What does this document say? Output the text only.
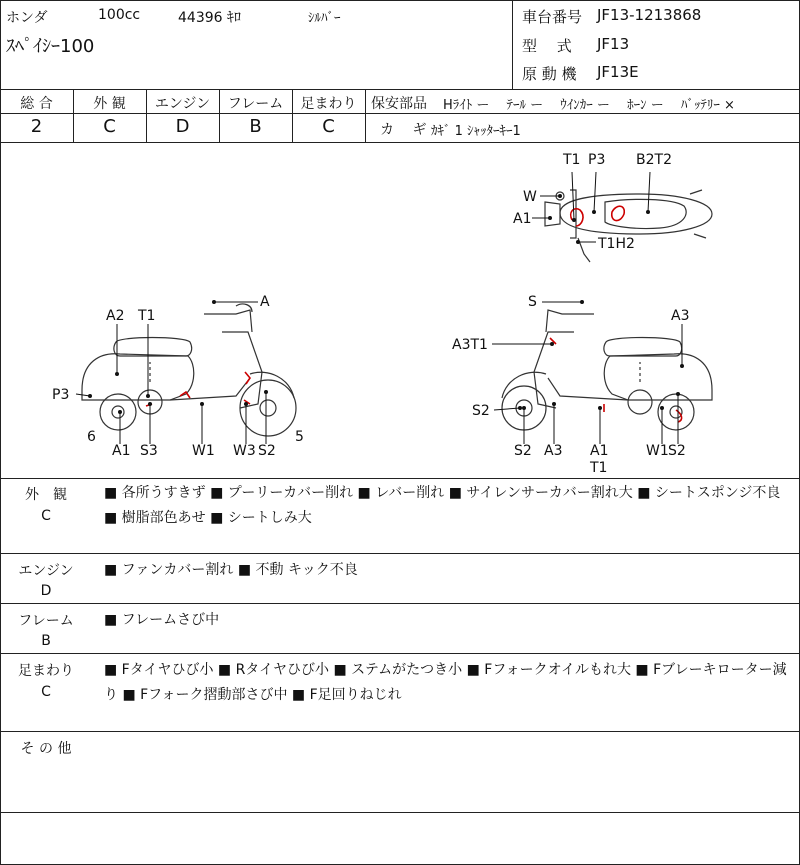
ホンダ	100cc	44396 ｷﾛ	ｼﾙﾊﾞｰ
ｽﾍﾟｲｼｰ100
車台番号 JF13-1213868
型　 式 JF13
原 動 機 JF13E
総 合	外 観	エンジン	フレーム	足まわり
2	C	D	B	C
保安部品 Hﾗｲﾄ ー　 ﾃｰﾙ ー　 ｳｲﾝｶｰ ー　 ﾎｰﾝ ー　 ﾊﾞｯﾃﾘｰ ×
カ　 ギ ｶｷﾞ 1 ｼｬｯﾀｰｷｰ1
T1 P3 B2T2
W
A1
T1H2
A
A2 T1
P3
6
A1 S3 W1 W3 S2
5
S
A3
A3T1
S2
S2 A3 A1
T1
W1 S2
外　観
C
■ 各所うすきず ■ プーリーカバー削れ ■ レバー削れ ■ サイレンサーカバー割れ大 ■ シートスポンジ不良 ■ 樹脂部色あせ ■ シートしみ大
エンジン
D
■ ファンカバー割れ ■ 不動 キック不良
フレーム
B
■ フレームさび中
足まわり
C
■ Fタイヤひび小 ■ Rタイヤひび小 ■ ステムがたつき小 ■ Fフォークオイルもれ大 ■ Fブレーキローター減り ■ Fフォーク摺動部さび中 ■ F足回りねじれ
そ の 他
